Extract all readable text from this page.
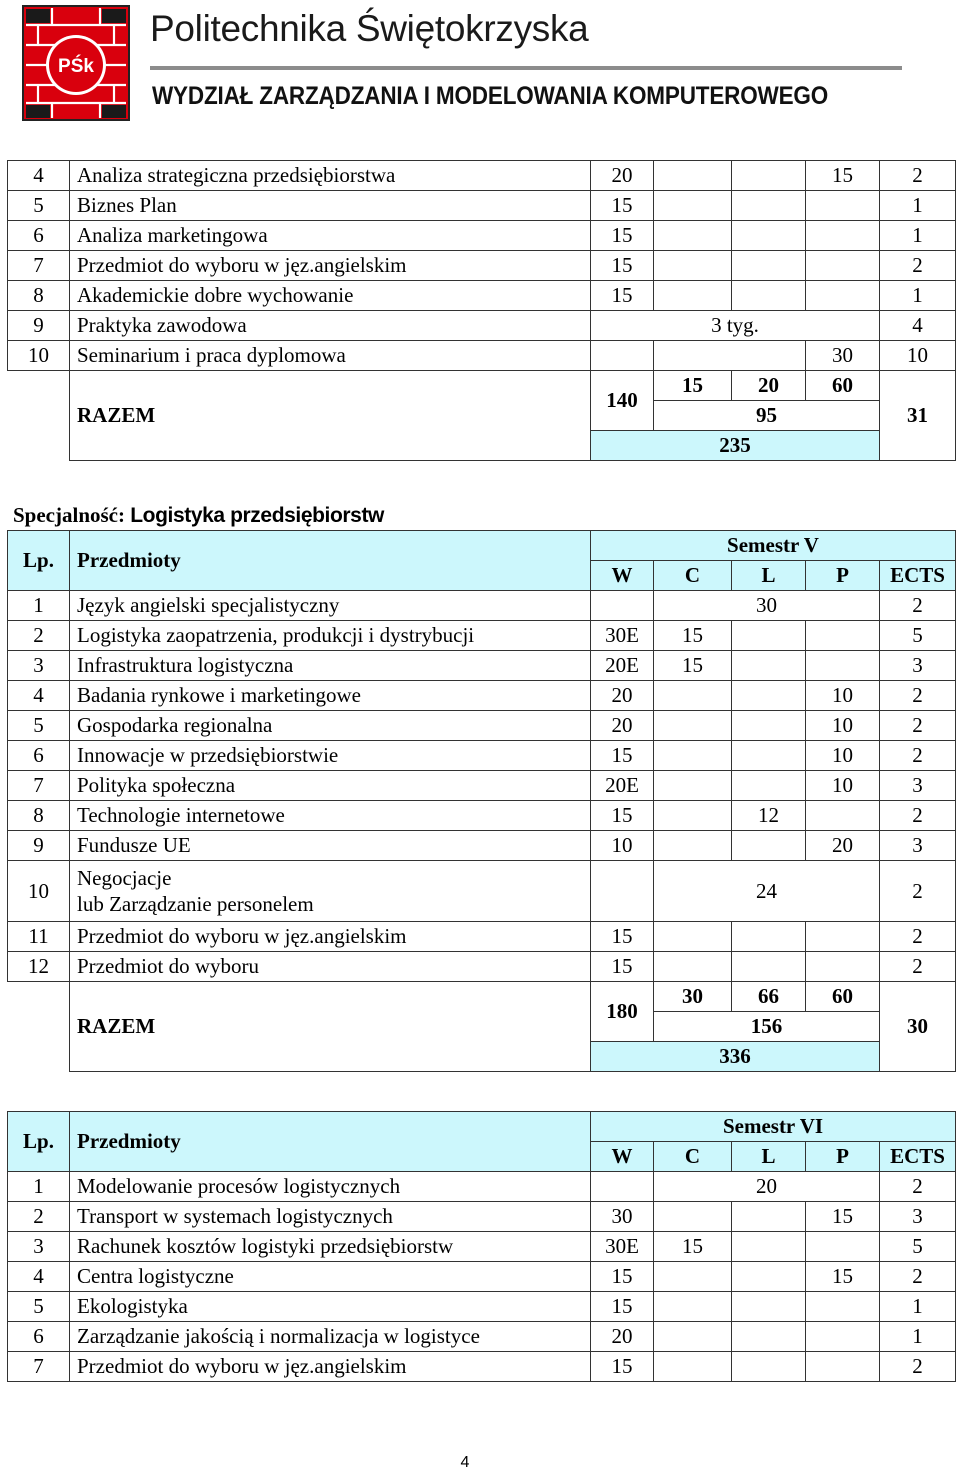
PŚk
Politechnika Świętokrzyska
WYDZIAŁ ZARZĄDZANIA I MODELOWANIA KOMPUTEROWEGO
4	Analiza strategiczna przedsiębiorstwa	20			15	2
5	Biznes Plan	15				1
6	Analiza marketingowa	15				1
7	Przedmiot do wyboru w jęz.angielskim	15				2
8	Akademickie dobre wychowanie	15				1
9	Praktyka zawodowa	3 tyg.				4
10	Seminarium i praca dyplomowa				30	10
	RAZEM	140	15	20	60	31
			95			
		235				
Specjalność: Logistyka przedsiębiorstw
Lp.	Przedmioty	Semestr V				
		W	C	L	P	ECTS
1	Język angielski specjalistyczny		30			2
2	Logistyka zaopatrzenia, produkcji i dystrybucji	30E	15			5
3	Infrastruktura logistyczna	20E	15			3
4	Badania rynkowe i marketingowe	20			10	2
5	Gospodarka regionalna	20			10	2
6	Innowacje w przedsiębiorstwie	15			10	2
7	Polityka społeczna	20E			10	3
8	Technologie internetowe	15		12		2
9	Fundusze UE	10			20	3
10	Negocjacje
lub Zarządzanie personelem		24			2
11	Przedmiot do wyboru w jęz.angielskim	15				2
12	Przedmiot do wyboru	15				2
	RAZEM	180	30	66	60	30
			156			
		336				
Lp.	Przedmioty	Semestr VI				
		W	C	L	P	ECTS
1	Modelowanie procesów logistycznych		20			2
2	Transport w systemach logistycznych	30			15	3
3	Rachunek kosztów logistyki przedsiębiorstw	30E	15			5
4	Centra logistyczne	15			15	2
5	Ekologistyka	15				1
6	Zarządzanie jakością i normalizacja w logistyce	20				1
7	Przedmiot do wyboru w jęz.angielskim	15				2
4
